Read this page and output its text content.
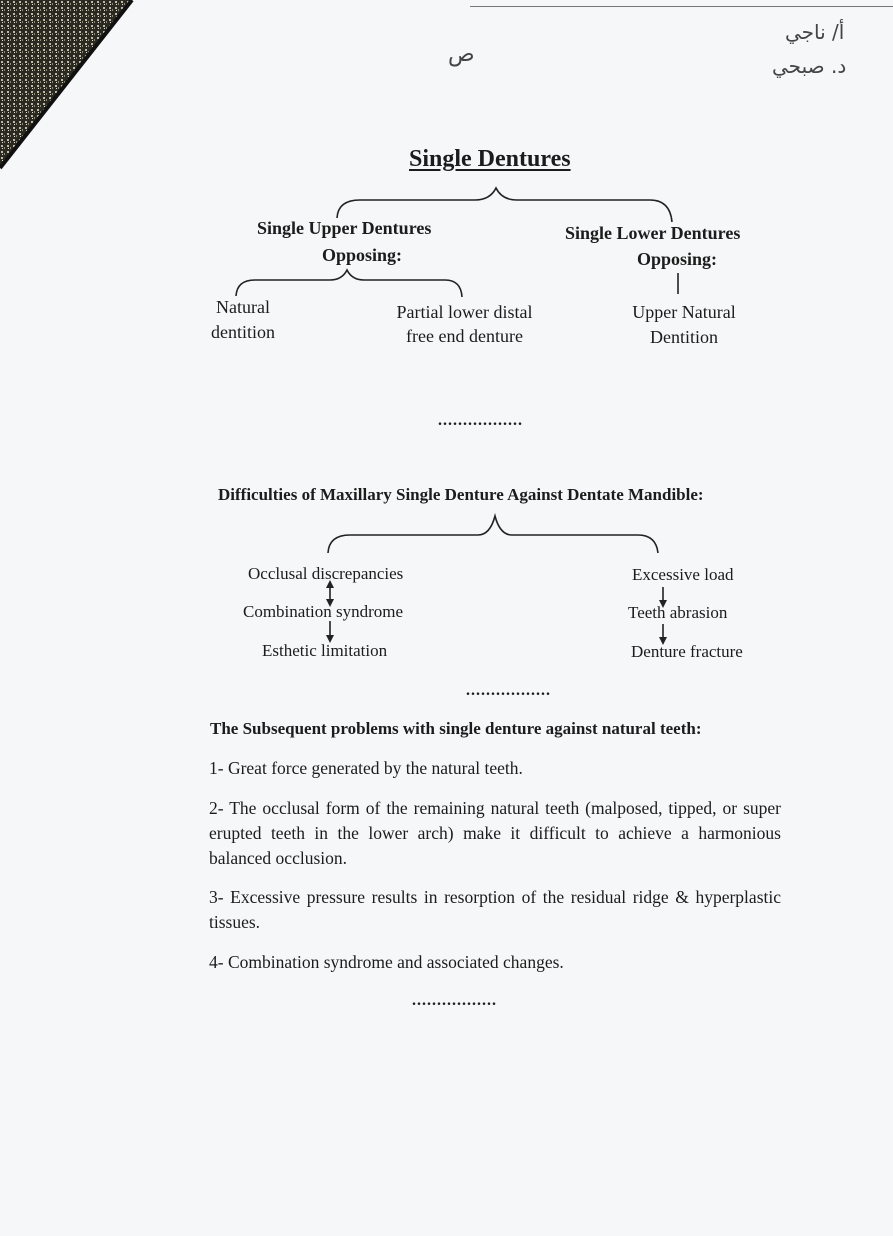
ص
أ/ ناجي
د. صبحي
Single Dentures
Single Upper Dentures
Opposing:
Single Lower Dentures
Opposing:
Natural
dentition
Partial lower distal
free end denture
Upper Natural
Dentition
.................
Difficulties of Maxillary Single Denture Against Dentate Mandible:
Occlusal discrepancies
Combination syndrome
Esthetic limitation
Excessive load
Teeth abrasion
Denture fracture
.................
The Subsequent problems with single denture against natural teeth:
1- Great force generated by the natural teeth.
2- The occlusal form of the remaining natural teeth (malposed, tipped, or super erupted teeth in the lower arch) make it difficult to achieve a harmonious balanced occlusion.
3- Excessive pressure results in resorption of the residual ridge & hyperplastic tissues.
4- Combination syndrome and associated changes.
.................
